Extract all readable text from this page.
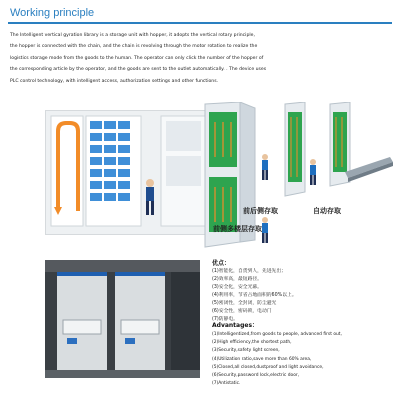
Working principle
The Intelligent vertical gyration library is a storage unit with hopper, it adopts the vertical rotary principle,
the hopper is connected with the chain, and the chain is revolving through the motor rotation to realize the
logistics storage mode from the goods to the human. The operator can only click the number of the hopper of
the corresponding article by the operator, and the goods are sent to the outlet automatically. . The device uses
PLC control technology, with intelligent access, authorization settings and other functions.
前后侧存取	自动存取
前侧多楼层存取
优点：
(1)智能化，自货到人，先进先出；
(2)效率高，最短路径。
(3)安全化，安全光幕。
(4)利用率，节省占地面积的60%以上。
(5)密闭性，全封闭，防尘避光
(6)安全性，密码锁，电动门
(7)防静电。
Advantages：
(1)Intelligentized,from goods to people, advanced first out,
(2)High efficiency,the shortest path,
(3)Security,safety light screen,
(4)Utilization ratio,save more than 60% area,
(5)Closed,all closed,dustproof and light avoidance,
(6)Security,password lock,electric door,
(7)Antistatic.
